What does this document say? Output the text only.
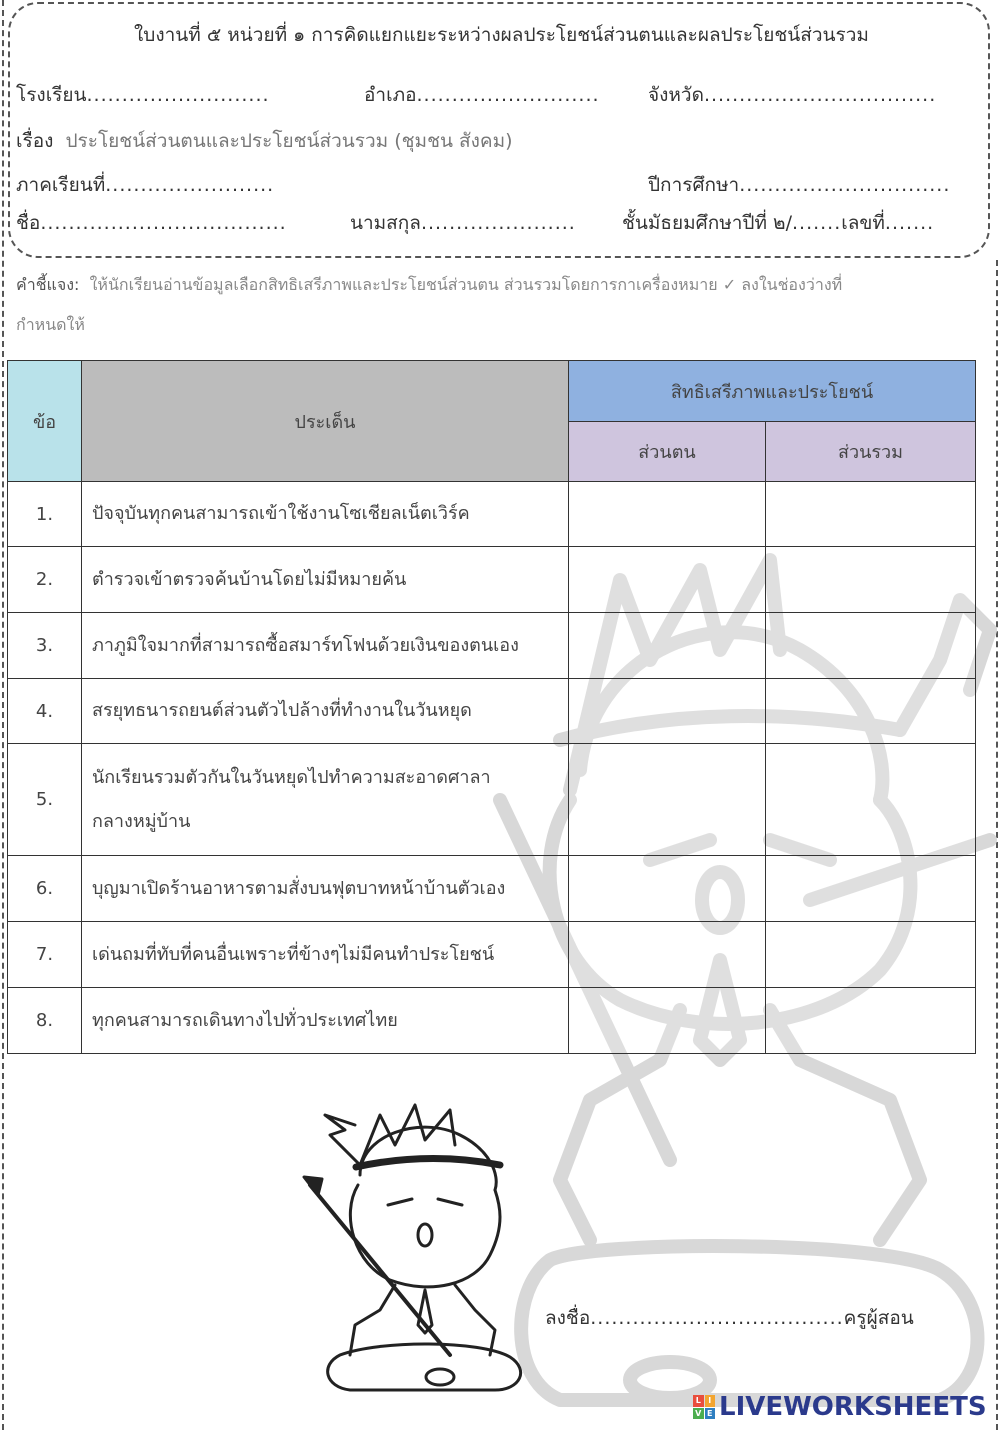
ใบงานที่ ๕ หน่วยที่ ๑ การคิดแยกแยะระหว่างผลประโยชน์ส่วนตนและผลประโยชน์ส่วนรวม
โรงเรียน..........................	อำเภอ..........................	จังหวัด.................................
เรื่อง ประโยชน์ส่วนตนและประโยชน์ส่วนรวม (ชุมชน สังคม)
ภาคเรียนที่........................	ปีการศึกษา..............................
ชื่อ...................................	นามสกุล...................... ชั้นมัธยมศึกษาปีที่ ๒/.......เลขที่.......
คำชี้แจง: ให้นักเรียนอ่านข้อมูลเลือกสิทธิเสรีภาพและประโยชน์ส่วนตน ส่วนรวมโดยการกาเครื่องหมาย ✓ ลงในช่องว่างที่
กำหนดให้
ข้อ	ประเด็น	สิทธิเสรีภาพและประโยชน์	
		ส่วนตน	ส่วนรวม
1.	ปัจจุบันทุกคนสามารถเข้าใช้งานโซเชียลเน็ตเวิร์ค		
2.	ตำรวจเข้าตรวจค้นบ้านโดยไม่มีหมายค้น		
3.	ภาภูมิใจมากที่สามารถซื้อสมาร์ทโฟนด้วยเงินของตนเอง		
4.	สรยุทธนารถยนต์ส่วนตัวไปล้างที่ทำงานในวันหยุด		
5.	นักเรียนรวมตัวกันในวันหยุดไปทำความสะอาดศาลา
กลางหมู่บ้าน		

6.	บุญมาเปิดร้านอาหารตามสั่งบนฟุตบาทหน้าบ้านตัวเอง		
7.	เด่นถมที่ทับที่คนอื่นเพราะที่ข้างๆไม่มีคนทำประโยชน์		
8.	ทุกคนสามารถเดินทางไปทั่วประเทศไทย		
ลงชื่อ....................................ครูผู้สอน
L I
V E LIVEWORKSHEETS
